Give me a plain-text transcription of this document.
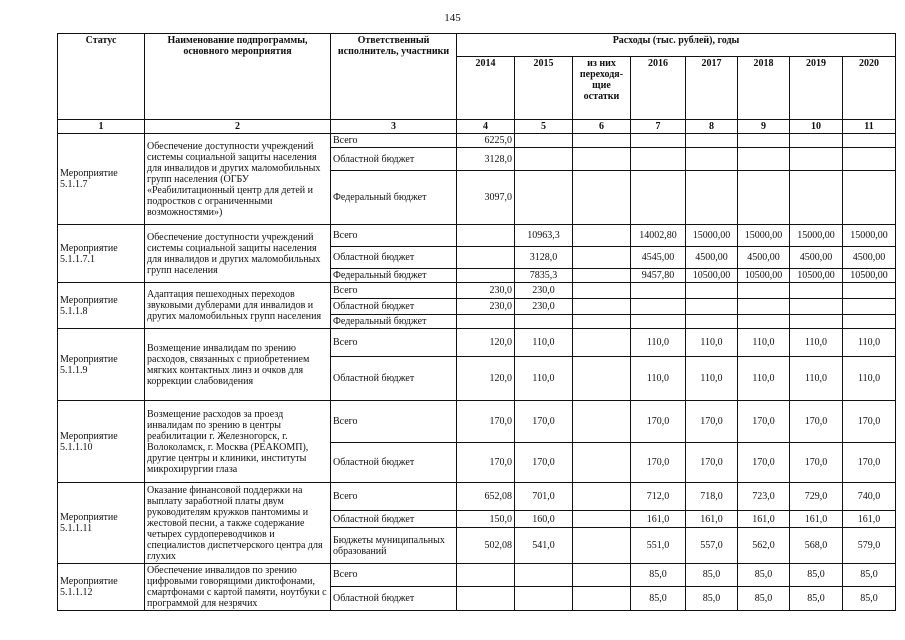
145
Статус	Наименование подпрограммы, основного мероприятия	Ответственный исполнитель, участники	Расходы (тыс. рублей), годы							
			2014	2015	из них переходя-щие остатки	2016	2017	2018	2019	2020
1	2	3	4	5	6	7	8	9	10	11
Мероприятие 5.1.1.7	Обеспечение доступности учреждений системы социальной защиты населения для инвалидов и других маломобильных групп населения (ОГБУ «Реабилитационный центр для детей и подростков с ограниченными возможностями»)	Всего	6225,0							
		Областной бюджет	3128,0							
		Федеральный бюджет	3097,0							
Мероприятие 5.1.1.7.1	Обеспечение доступности учреждений системы социальной защиты населения для инвалидов и других маломобильных групп населения	Всего		10963,3		14002,80	15000,00	15000,00	15000,00	15000,00
		Областной бюджет		3128,0		4545,00	4500,00	4500,00	4500,00	4500,00
		Федеральный бюджет		7835,3		9457,80	10500,00	10500,00	10500,00	10500,00
Мероприятие 5.1.1.8	Адаптация пешеходных переходов звуковыми дублерами для инвалидов и других маломобильных групп населения	Всего	230,0	230,0						
		Областной бюджет	230,0	230,0						
		Федеральный бюджет								
Мероприятие 5.1.1.9	Возмещение инвалидам по зрению расходов, связанных с приобретением мягких контактных линз и очков для коррекции слабовидения	Всего	120,0	110,0		110,0	110,0	110,0	110,0	110,0
		Областной бюджет	120,0	110,0		110,0	110,0	110,0	110,0	110,0
Мероприятие 5.1.1.10	Возмещение расходов за проезд инвалидам по зрению в центры реабилитации г. Железногорск, г. Волоколамск, г. Москва (РЕАКОМП), другие центры и клиники, институты микрохирургии глаза	Всего	170,0	170,0		170,0	170,0	170,0	170,0	170,0
		Областной бюджет	170,0	170,0		170,0	170,0	170,0	170,0	170,0
Мероприятие 5.1.1.11	Оказание финансовой поддержки на выплату заработной платы двум руководителям кружков пантомимы и жестовой песни, а также содержание четырех сурдопереводчиков и специалистов диспетчерского центра для глухих	Всего	652,08	701,0		712,0	718,0	723,0	729,0	740,0
		Областной бюджет	150,0	160,0		161,0	161,0	161,0	161,0	161,0
		Бюджеты муниципальных образований	502,08	541,0		551,0	557,0	562,0	568,0	579,0
Мероприятие 5.1.1.12	Обеспечение инвалидов по зрению цифровыми говорящими диктофонами, смартфонами с картой памяти, ноутбуки с программой для незрячих	Всего				85,0	85,0	85,0	85,0	85,0
		Областной бюджет				85,0	85,0	85,0	85,0	85,0
